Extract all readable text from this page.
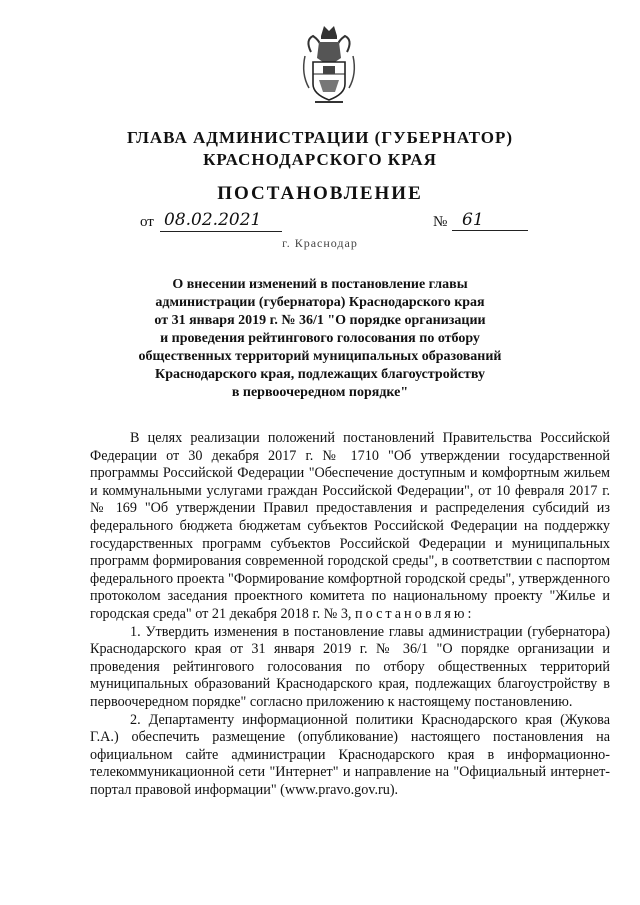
ГЛАВА АДМИНИСТРАЦИИ (ГУБЕРНАТОР)
КРАСНОДАРСКОГО КРАЯ
ПОСТАНОВЛЕНИЕ
от 08.02.2021	№ 61
г. Краснодар
О внесении изменений в постановление главы
администрации (губернатора) Краснодарского края
от 31 января 2019 г. № 36/1 "О порядке организации
и проведения рейтингового голосования по отбору
общественных территорий муниципальных образований
Краснодарского края, подлежащих благоустройству
в первоочередном порядке"

В целях реализации положений постановлений Правительства Российской Федерации от 30 декабря 2017 г. № 1710 "Об утверждении государственной программы Российской Федерации "Обеспечение доступным и комфортным жильем и коммунальными услугами граждан Российской Федерации", от 10 февраля 2017 г. № 169 "Об утверждении Правил предоставления и распределения субсидий из федерального бюджета бюджетам субъектов Российской Федерации на поддержку государственных программ субъектов Российской Федерации и муниципальных программ формирования современной городской среды", в соответствии с паспортом федерального проекта "Формирование комфортной городской среды", утвержденного протоколом заседания проектного комитета по национальному проекту "Жилье и городская среда" от 21 декабря 2018 г. № 3, постановляю:

1. Утвердить изменения в постановление главы администрации (губернатора) Краснодарского края от 31 января 2019 г. № 36/1 "О порядке организации и проведения рейтингового голосования по отбору общественных территорий муниципальных образований Краснодарского края, подлежащих благоустройству в первоочередном порядке" согласно приложению к настоящему постановлению.

2. Департаменту информационной политики Краснодарского края (Жукова Г.А.) обеспечить размещение (опубликование) настоящего постановления на официальном сайте администрации Краснодарского края в информационно-телекоммуникационной сети "Интернет" и направление на "Официальный интернет-портал правовой информации" (www.pravo.gov.ru).
